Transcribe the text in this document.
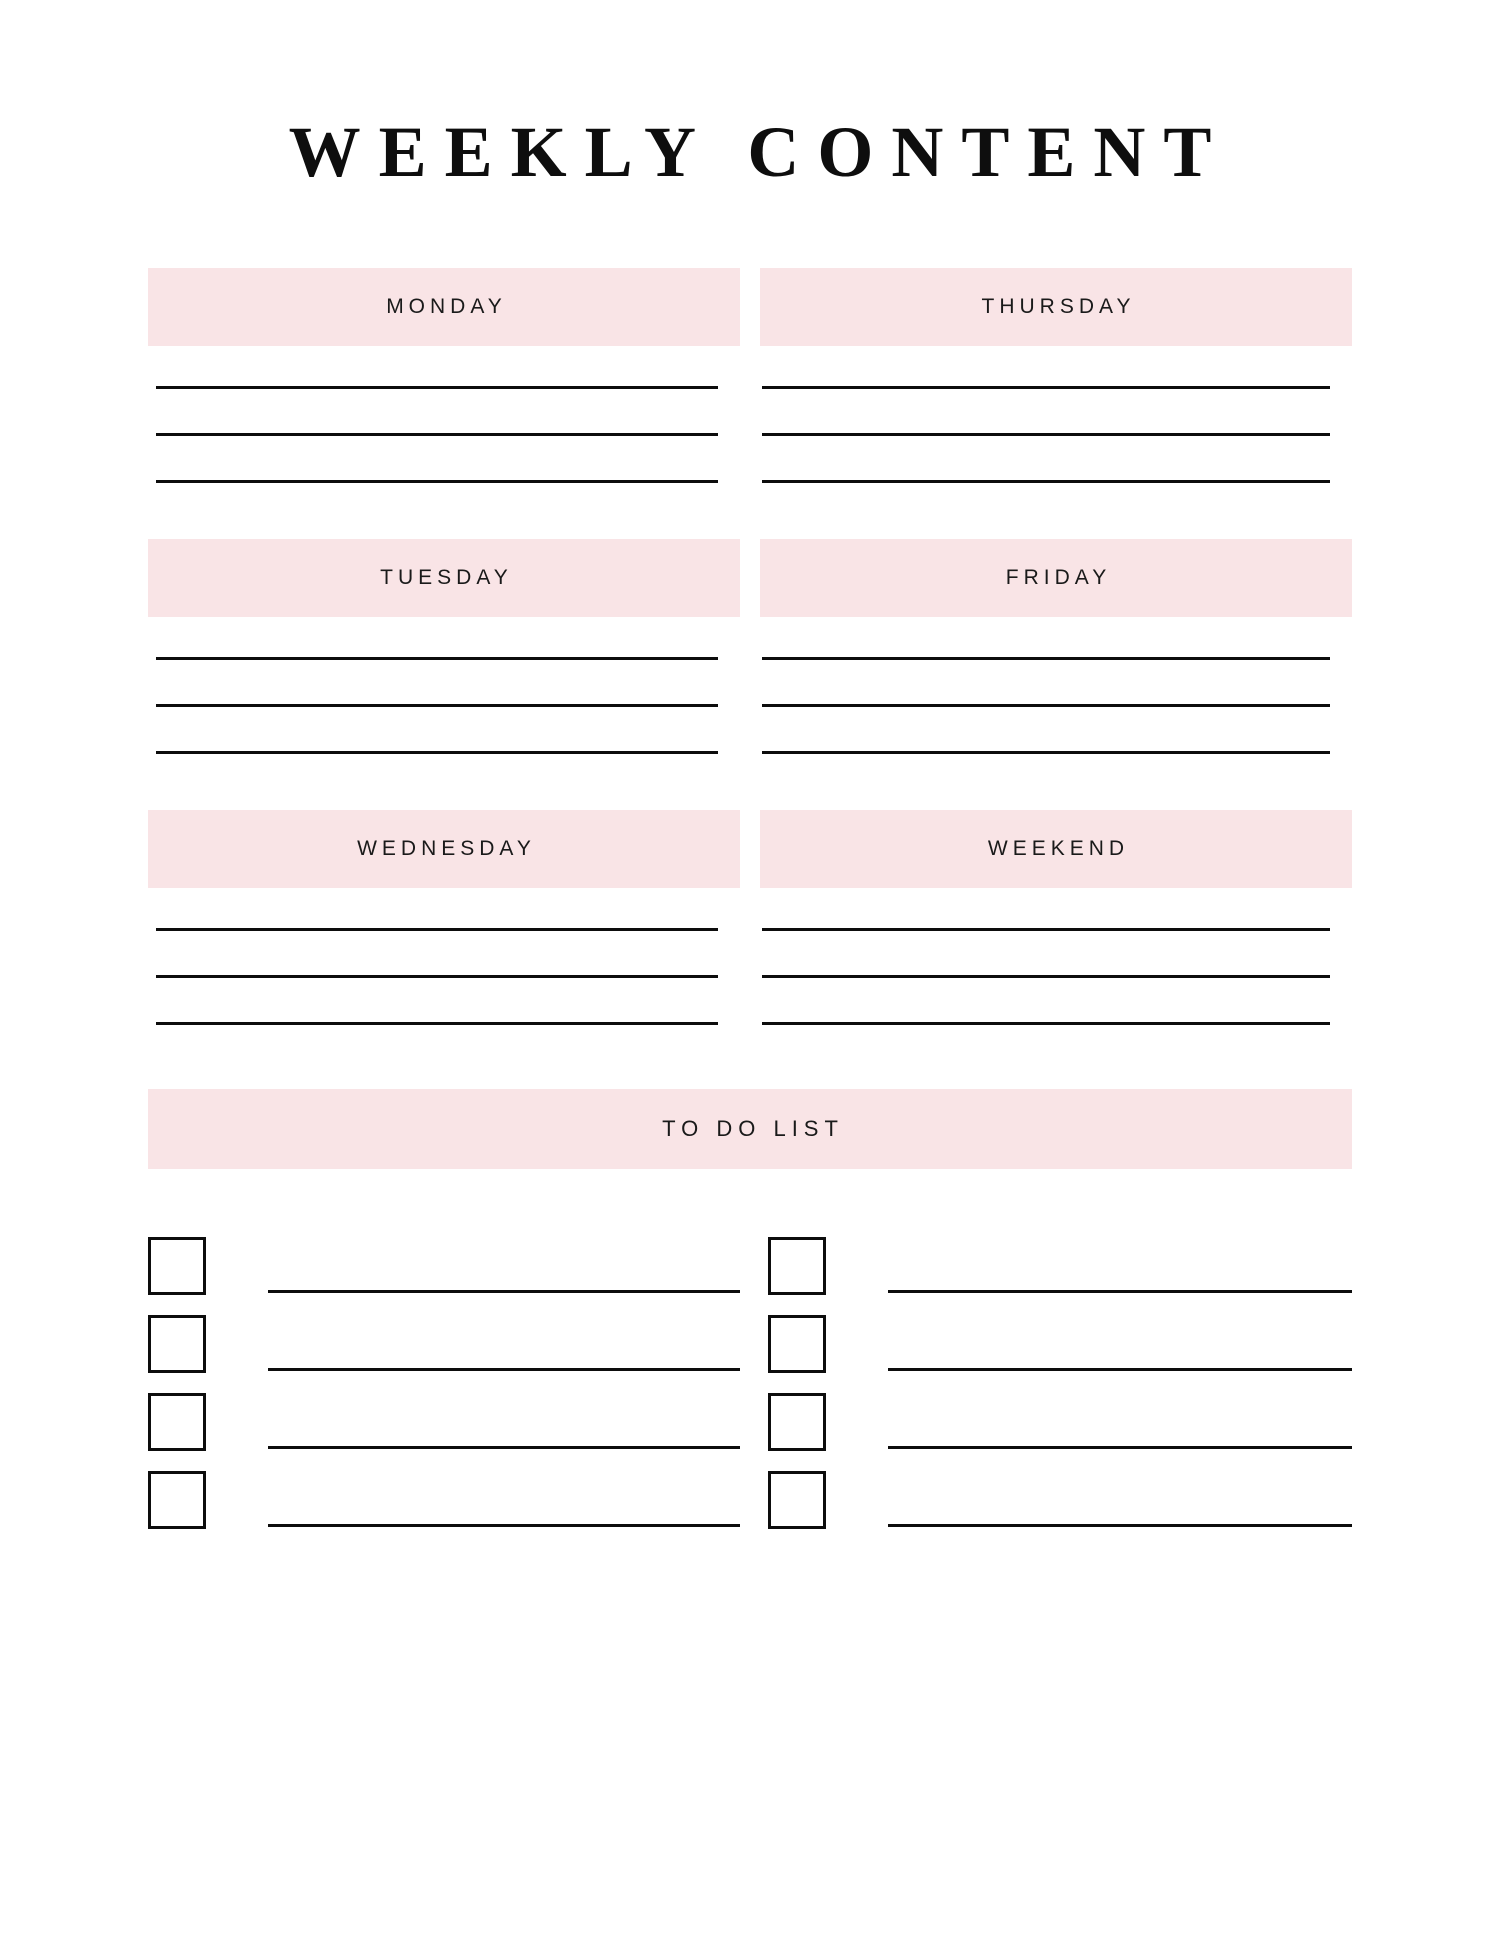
WEEKLY CONTENT
MONDAY	THURSDAY
TUESDAY	FRIDAY
WEDNESDAY	WEEKEND
TO DO LIST
